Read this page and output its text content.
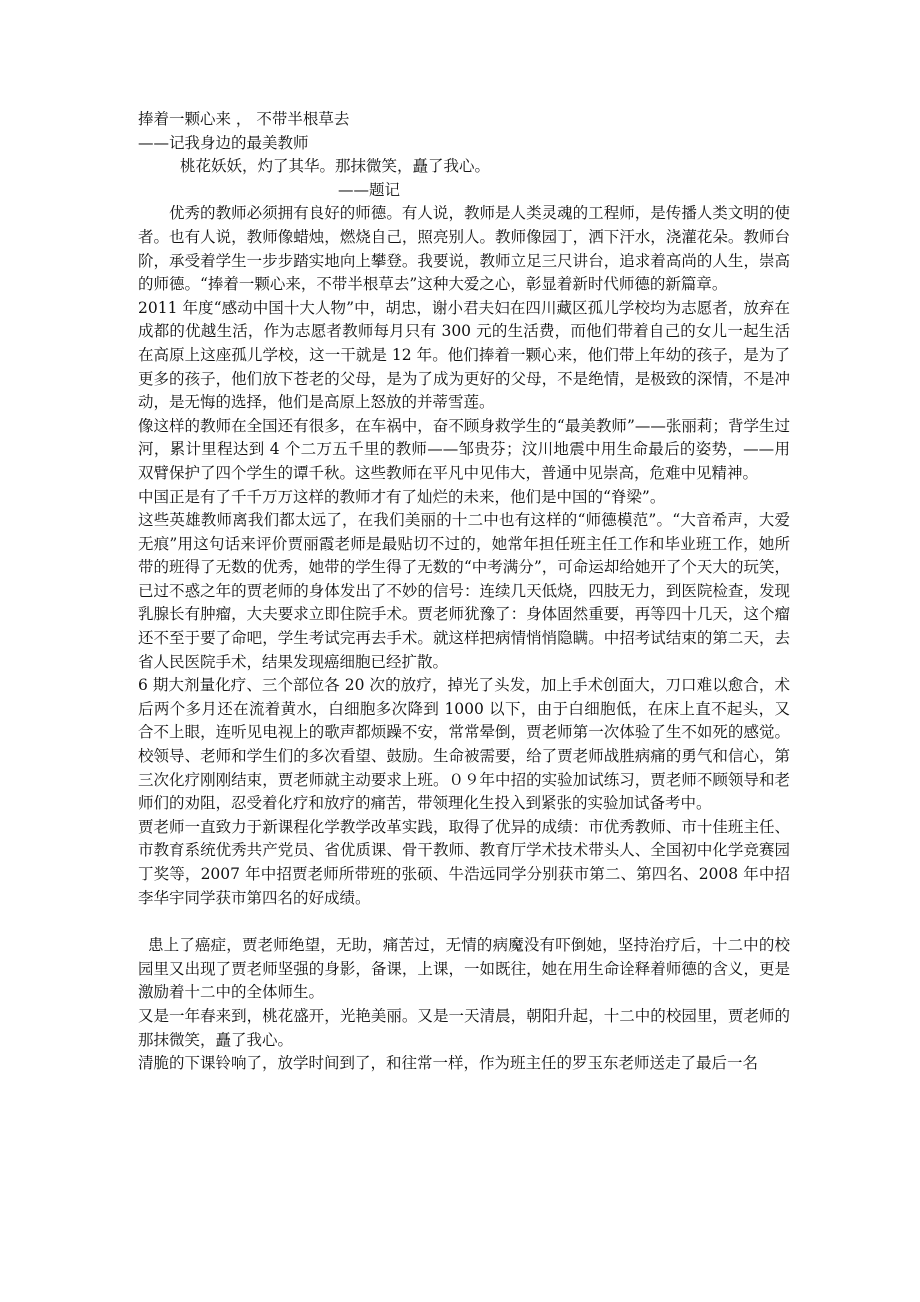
捧着一颗心来 ， 不带半根草去

——记我身边的最美教师

桃花妖妖，灼了其华。那抹微笑，矗了我心。

——题记

优秀的教师必须拥有良好的师德。有人说，教师是人类灵魂的工程师，是传播人类文明的使者。也有人说，教师像蜡烛，燃烧自己，照亮别人。教师像园丁，洒下汗水，浇灌花朵。教师台阶，承受着学生一步步踏实地向上攀登。我要说，教师立足三尺讲台，追求着高尚的人生，崇高的师德。“捧着一颗心来，不带半根草去”这种大爱之心，彰显着新时代师德的新篇章。

2011 年度“感动中国十大人物”中，胡忠，谢小君夫妇在四川藏区孤儿学校均为志愿者，放弃在成都的优越生活，作为志愿者教师每月只有 300 元的生活费，而他们带着自己的女儿一起生活在高原上这座孤儿学校，这一干就是 12 年。他们捧着一颗心来，他们带上年幼的孩子，是为了更多的孩子，他们放下苍老的父母，是为了成为更好的父母，不是绝情，是极致的深情，不是冲动，是无悔的选择，他们是高原上怒放的并蒂雪莲。

像这样的教师在全国还有很多，在车祸中，奋不顾身救学生的“最美教师”——张丽莉；背学生过河，累计里程达到 4 个二万五千里的教师——邹贵芬；汶川地震中用生命最后的姿势，——用双臂保护了四个学生的谭千秋。这些教师在平凡中见伟大，普通中见崇高，危难中见精神。

中国正是有了千千万万这样的教师才有了灿烂的未来，他们是中国的“脊梁”。

这些英雄教师离我们都太远了，在我们美丽的十二中也有这样的“师德模范”。“大音希声，大爱无痕”用这句话来评价贾丽霞老师是最贴切不过的，她常年担任班主任工作和毕业班工作，她所带的班得了无数的优秀，她带的学生得了无数的“中考满分”，可命运却给她开了个天大的玩笑，已过不惑之年的贾老师的身体发出了不妙的信号：连续几天低烧，四肢无力，到医院检查，发现乳腺长有肿瘤，大夫要求立即住院手术。贾老师犹豫了：身体固然重要，再等四十几天，这个瘤还不至于要了命吧，学生考试完再去手术。就这样把病情悄悄隐瞒。中招考试结束的第二天，去省人民医院手术，结果发现癌细胞已经扩散。

6 期大剂量化疗、三个部位各 20 次的放疗，掉光了头发，加上手术创面大，刀口难以愈合，术后两个多月还在流着黄水，白细胞多次降到 1000 以下，由于白细胞低，在床上直不起头，又合不上眼，连听见电视上的歌声都烦躁不安，常常晕倒，贾老师第一次体验了生不如死的感觉。校领导、老师和学生们的多次看望、鼓励。生命被需要，给了贾老师战胜病痛的勇气和信心，第三次化疗刚刚结束，贾老师就主动要求上班。０９年中招的实验加试练习，贾老师不顾领导和老师们的劝阻，忍受着化疗和放疗的痛苦，带领理化生投入到紧张的实验加试备考中。

贾老师一直致力于新课程化学教学改革实践，取得了优异的成绩：市优秀教师、市十佳班主任、市教育系统优秀共产党员、省优质课、骨干教师、教育厅学术技术带头人、全国初中化学竞赛园丁奖等，2007 年中招贾老师所带班的张硕、牛浩远同学分别获市第二、第四名、2008 年中招李华宇同学获市第四名的好成绩。

患上了癌症，贾老师绝望，无助，痛苦过，无情的病魔没有吓倒她，坚持治疗后，十二中的校园里又出现了贾老师坚强的身影，备课，上课，一如既往，她在用生命诠释着师德的含义，更是激励着十二中的全体师生。

又是一年春来到，桃花盛开，光艳美丽。又是一天清晨，朝阳升起，十二中的校园里，贾老师的那抹微笑，矗了我心。

清脆的下课铃响了，放学时间到了，和往常一样，作为班主任的罗玉东老师送走了最后一名
